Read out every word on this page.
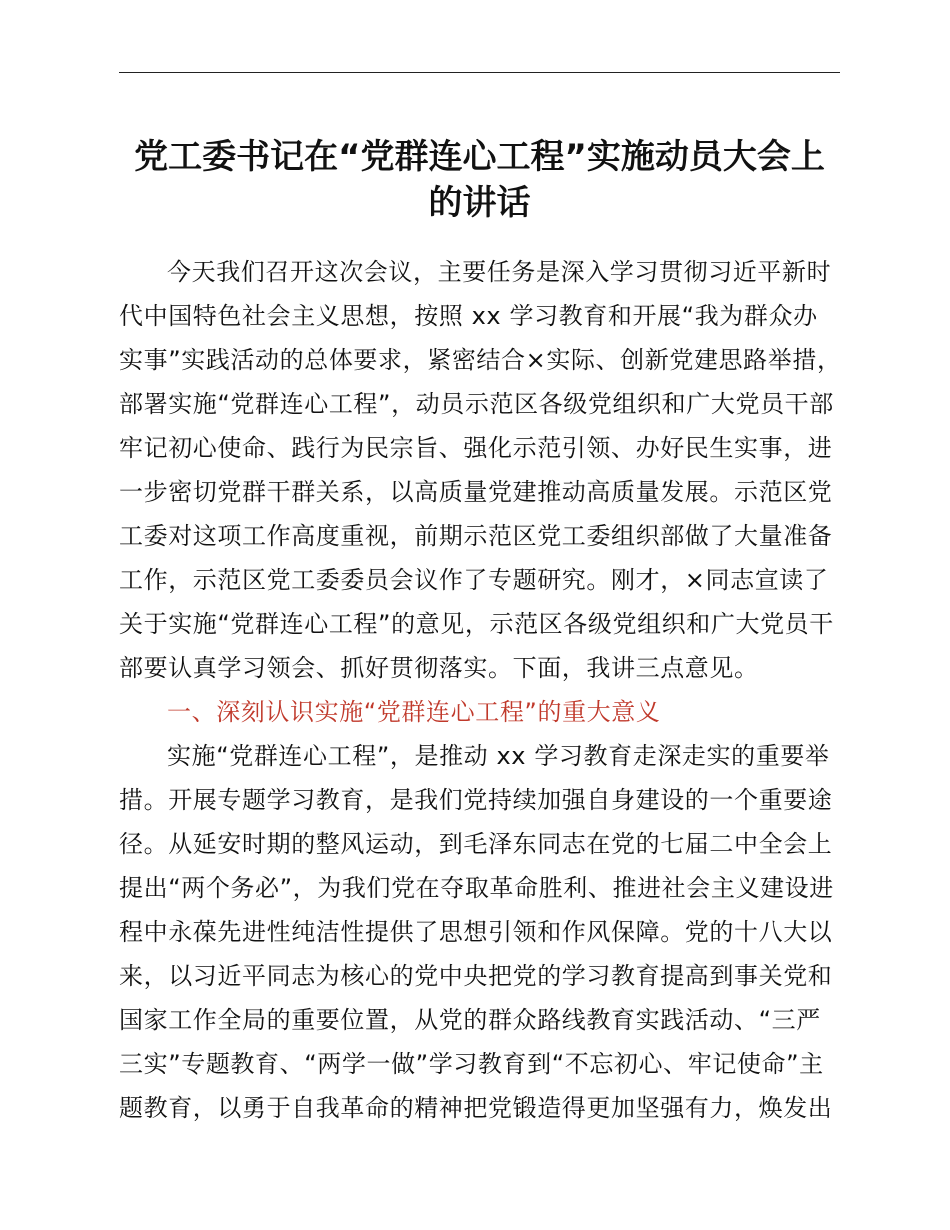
党工委书记在“党群连心工程”实施动员大会上
的讲话

今天我们召开这次会议，主要任务是深入学习贯彻习近平新时
代中国特色社会主义思想，按照 xx 学习教育和开展“我为群众办
实事”实践活动的总体要求，紧密结合×实际、创新党建思路举措，
部署实施“党群连心工程”，动员示范区各级党组织和广大党员干部
牢记初心使命、践行为民宗旨、强化示范引领、办好民生实事，进
一步密切党群干群关系，以高质量党建推动高质量发展。示范区党
工委对这项工作高度重视，前期示范区党工委组织部做了大量准备
工作，示范区党工委委员会议作了专题研究。刚才，×同志宣读了
关于实施“党群连心工程”的意见，示范区各级党组织和广大党员干
部要认真学习领会、抓好贯彻落实。下面，我讲三点意见。

一、深刻认识实施“党群连心工程”的重大意义

实施“党群连心工程”，是推动 xx 学习教育走深走实的重要举
措。开展专题学习教育，是我们党持续加强自身建设的一个重要途
径。从延安时期的整风运动，到毛泽东同志在党的七届二中全会上
提出“两个务必”，为我们党在夺取革命胜利、推进社会主义建设进
程中永葆先进性纯洁性提供了思想引领和作风保障。党的十八大以
来，以习近平同志为核心的党中央把党的学习教育提高到事关党和
国家工作全局的重要位置，从党的群众路线教育实践活动、“三严
三实”专题教育、“两学一做”学习教育到“不忘初心、牢记使命”主
题教育，以勇于自我革命的精神把党锻造得更加坚强有力，焕发出
